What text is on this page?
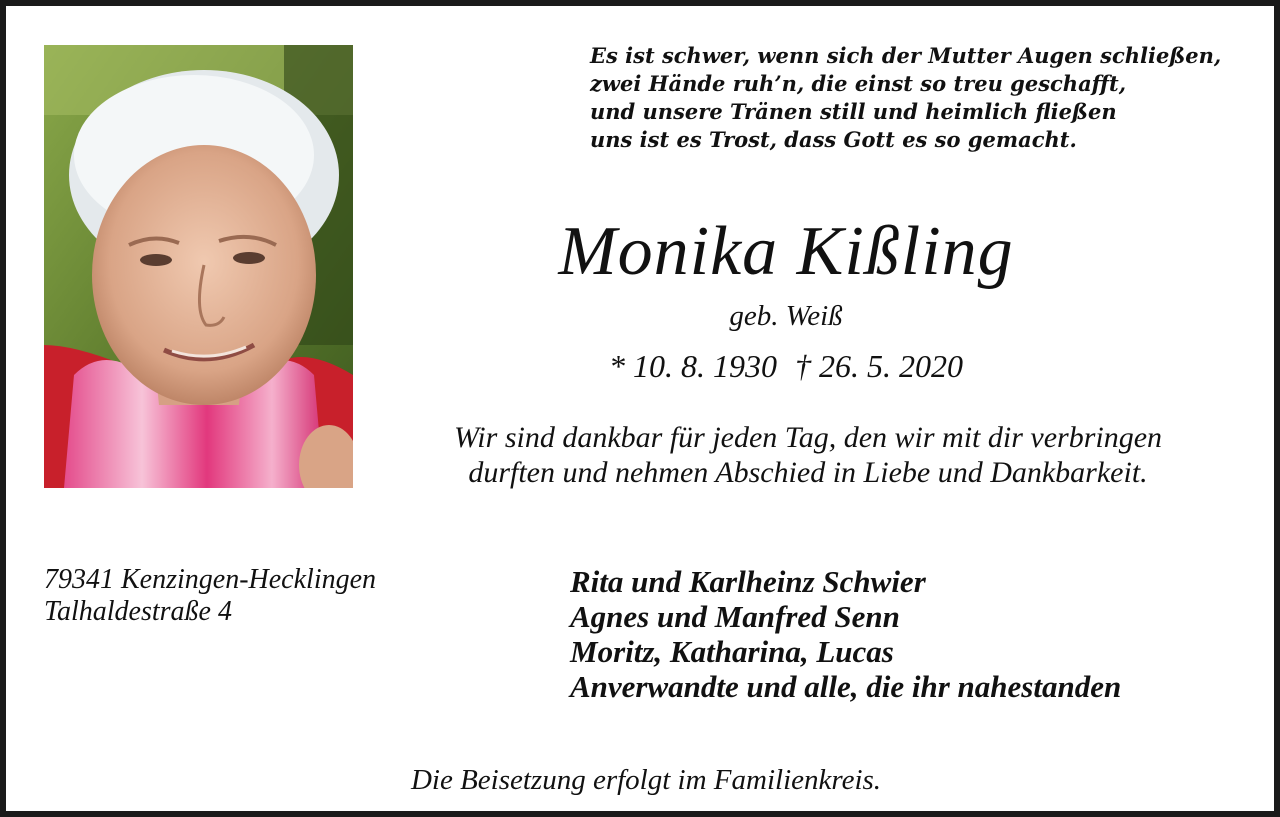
Es ist schwer, wenn sich der Mutter Augen schließen,
zwei Hände ruh’n, die einst so treu geschafft,
und unsere Tränen still und heimlich fließen
uns ist es Trost, dass Gott es so gemacht.
Monika Kißling
geb. Weiß
* 10. 8. 1930 † 26. 5. 2020
Wir sind dankbar für jeden Tag, den wir mit dir verbringen
durften und nehmen Abschied in Liebe und Dankbarkeit.
79341 Kenzingen-Hecklingen
Talhaldestraße 4
Rita und Karlheinz Schwier
Agnes und Manfred Senn
Moritz, Katharina, Lucas
Anverwandte und alle, die ihr nahestanden
Die Beisetzung erfolgt im Familienkreis.
